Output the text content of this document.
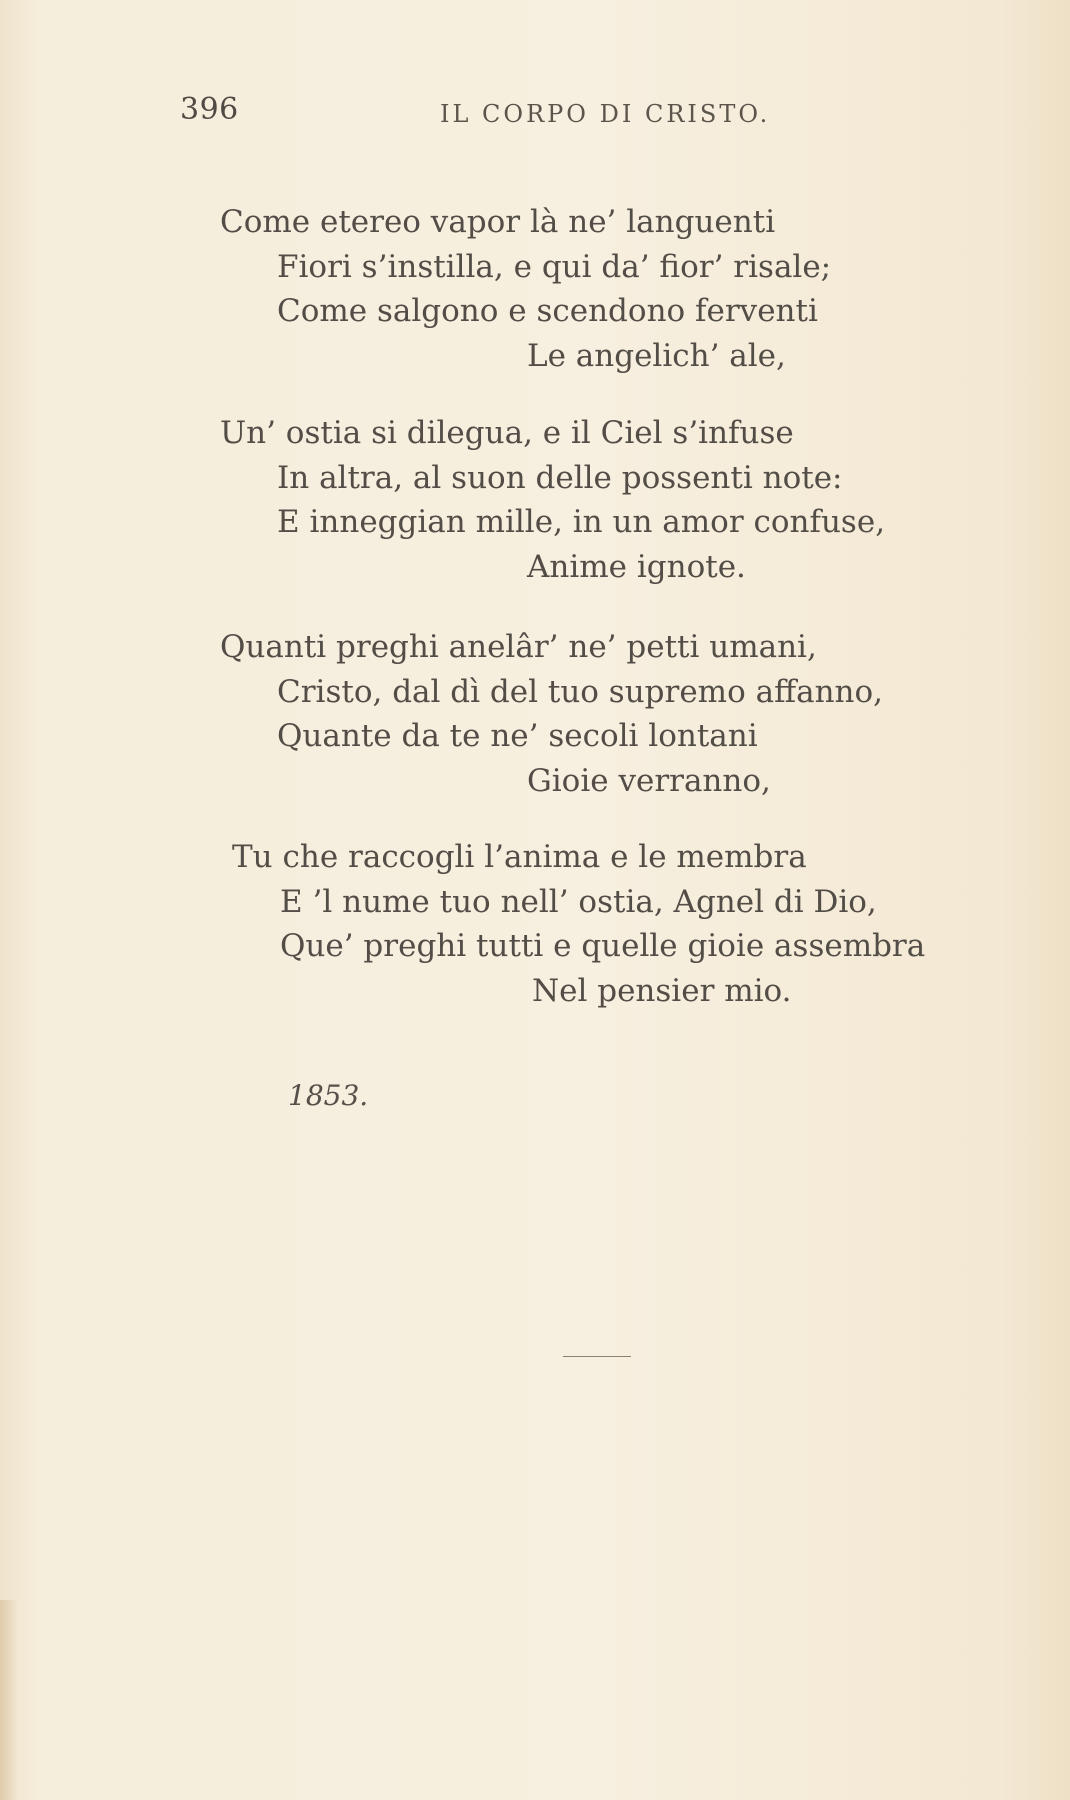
396	IL CORPO DI CRISTO.
Come etereo vapor là ne’ languenti
Fiori s’instilla, e qui da’ fior’ risale;
Come salgono e scendono ferventi
Le angelich’ ale,
Un’ ostia si dilegua, e il Ciel s’infuse
In altra, al suon delle possenti note:
E inneggian mille, in un amor confuse,
Anime ignote.
Quanti preghi anelâr’ ne’ petti umani,
Cristo, dal dì del tuo supremo affanno,
Quante da te ne’ secoli lontani
Gioie verranno,
Tu che raccogli l’anima e le membra
E ’l nume tuo nell’ ostia, Agnel di Dio,
Que’ preghi tutti e quelle gioie assembra
Nel pensier mio.
1853.
